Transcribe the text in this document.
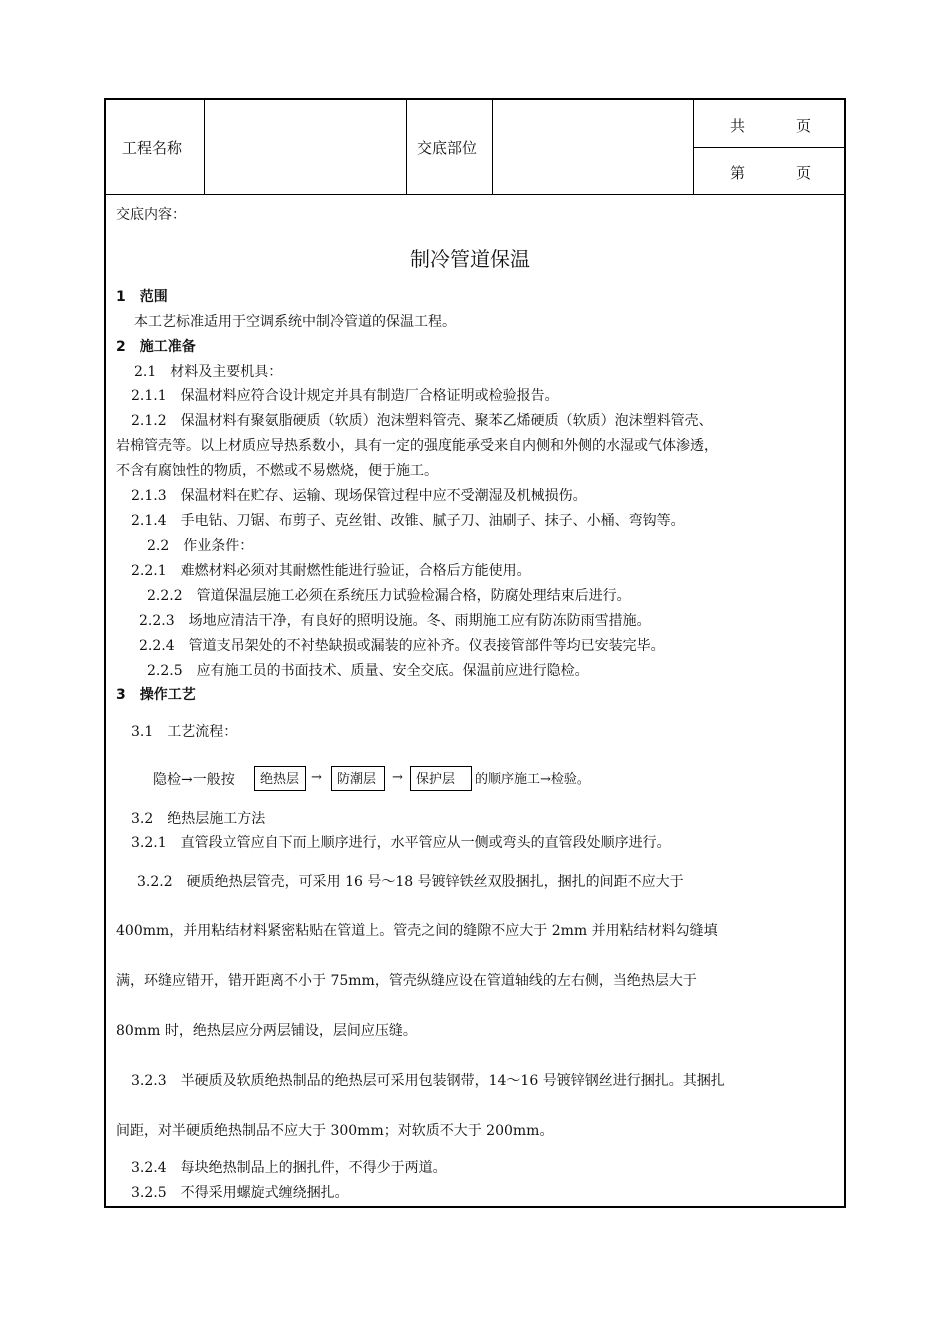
工程名称	交底部位
共	页
第	页
交底内容：
制冷管道保温
1　范围
本工艺标准适用于空调系统中制冷管道的保温工程。
2　施工准备
2.1　材料及主要机具：
2.1.1　保温材料应符合设计规定并具有制造厂合格证明或检验报告。
2.1.2　保温材料有聚氨脂硬质（软质）泡沫塑料管壳、聚苯乙烯硬质（软质）泡沫塑料管壳、
岩棉管壳等。以上材质应导热系数小，具有一定的强度能承受来自内侧和外侧的水湿或气体渗透，
不含有腐蚀性的物质，不燃或不易燃烧，便于施工。
2.1.3　保温材料在贮存、运输、现场保管过程中应不受潮湿及机械损伤。
2.1.4　手电钻、刀锯、布剪子、克丝钳、改锥、腻子刀、油刷子、抹子、小桶、弯钩等。
2.2　作业条件：
2.2.1　难燃材料必须对其耐燃性能进行验证，合格后方能使用。
2.2.2　管道保温层施工必须在系统压力试验检漏合格，防腐处理结束后进行。
2.2.3　场地应清洁干净，有良好的照明设施。冬、雨期施工应有防冻防雨雪措施。
2.2.4　管道支吊架处的不衬垫缺损或漏装的应补齐。仪表接管部件等均已安装完毕。
2.2.5　应有施工员的书面技术、质量、安全交底。保温前应进行隐检。
3　操作工艺
3.1　工艺流程：
隐检→一般按	绝热层 →	防潮层	→	保护层	的顺序施工→检验。
3.2　绝热层施工方法
3.2.1　直管段立管应自下而上顺序进行，水平管应从一侧或弯头的直管段处顺序进行。
3.2.2　硬质绝热层管壳，可采用 16 号～18 号镀锌铁丝双股捆扎，捆扎的间距不应大于
400mm，并用粘结材料紧密粘贴在管道上。管壳之间的缝隙不应大于 2mm 并用粘结材料勾缝填
满，环缝应错开，错开距离不小于 75mm，管壳纵缝应设在管道轴线的左右侧，当绝热层大于
80mm 时，绝热层应分两层铺设，层间应压缝。
3.2.3　半硬质及软质绝热制品的绝热层可采用包装钢带，14～16 号镀锌钢丝进行捆扎。其捆扎
间距，对半硬质绝热制品不应大于 300mm；对软质不大于 200mm。
3.2.4　每块绝热制品上的捆扎件，不得少于两道。
3.2.5　不得采用螺旋式缠绕捆扎。
